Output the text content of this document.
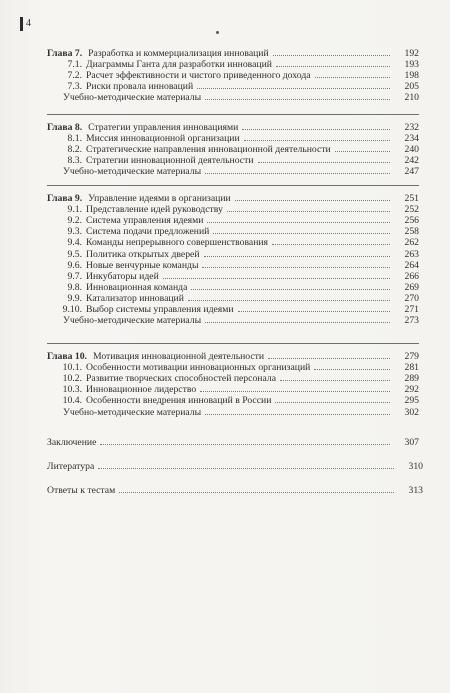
4
Глава 7. Разработка и коммерциализация инноваций	192
7.1. Диаграммы Ганта для разработки инноваций	193
7.2. Расчет эффективности и чистого приведенного дохода	198
7.3. Риски провала инноваций	205
Учебно-методические материалы	210
Глава 8. Стратегии управления инновациями	232
8.1. Миссия инновационной организации	234
8.2. Стратегические направления инновационной деятельности	240
8.3. Стратегии инновационной деятельности	242
Учебно-методические материалы	247
Глава 9. Управление идеями в организации	251
9.1. Представление идей руководству	252
9.2. Система управления идеями	256
9.3. Система подачи предложений	258
9.4. Команды непрерывного совершенствования	262
9.5. Политика открытых дверей	263
9.6. Новые венчурные команды	264
9.7. Инкубаторы идей	266
9.8. Инновационная команда	269
9.9. Катализатор инноваций	270
9.10. Выбор системы управления идеями	271
Учебно-методические материалы	273
Глава 10. Мотивация инновационной деятельности	279
10.1. Особенности мотивации инновационных организаций	281
10.2. Развитие творческих способностей персонала	289
10.3. Инновационное лидерство	292
10.4. Особенности внедрения инноваций в России	295
Учебно-методические материалы	302
Заключение	307
Литература	310
Ответы к тестам	313
